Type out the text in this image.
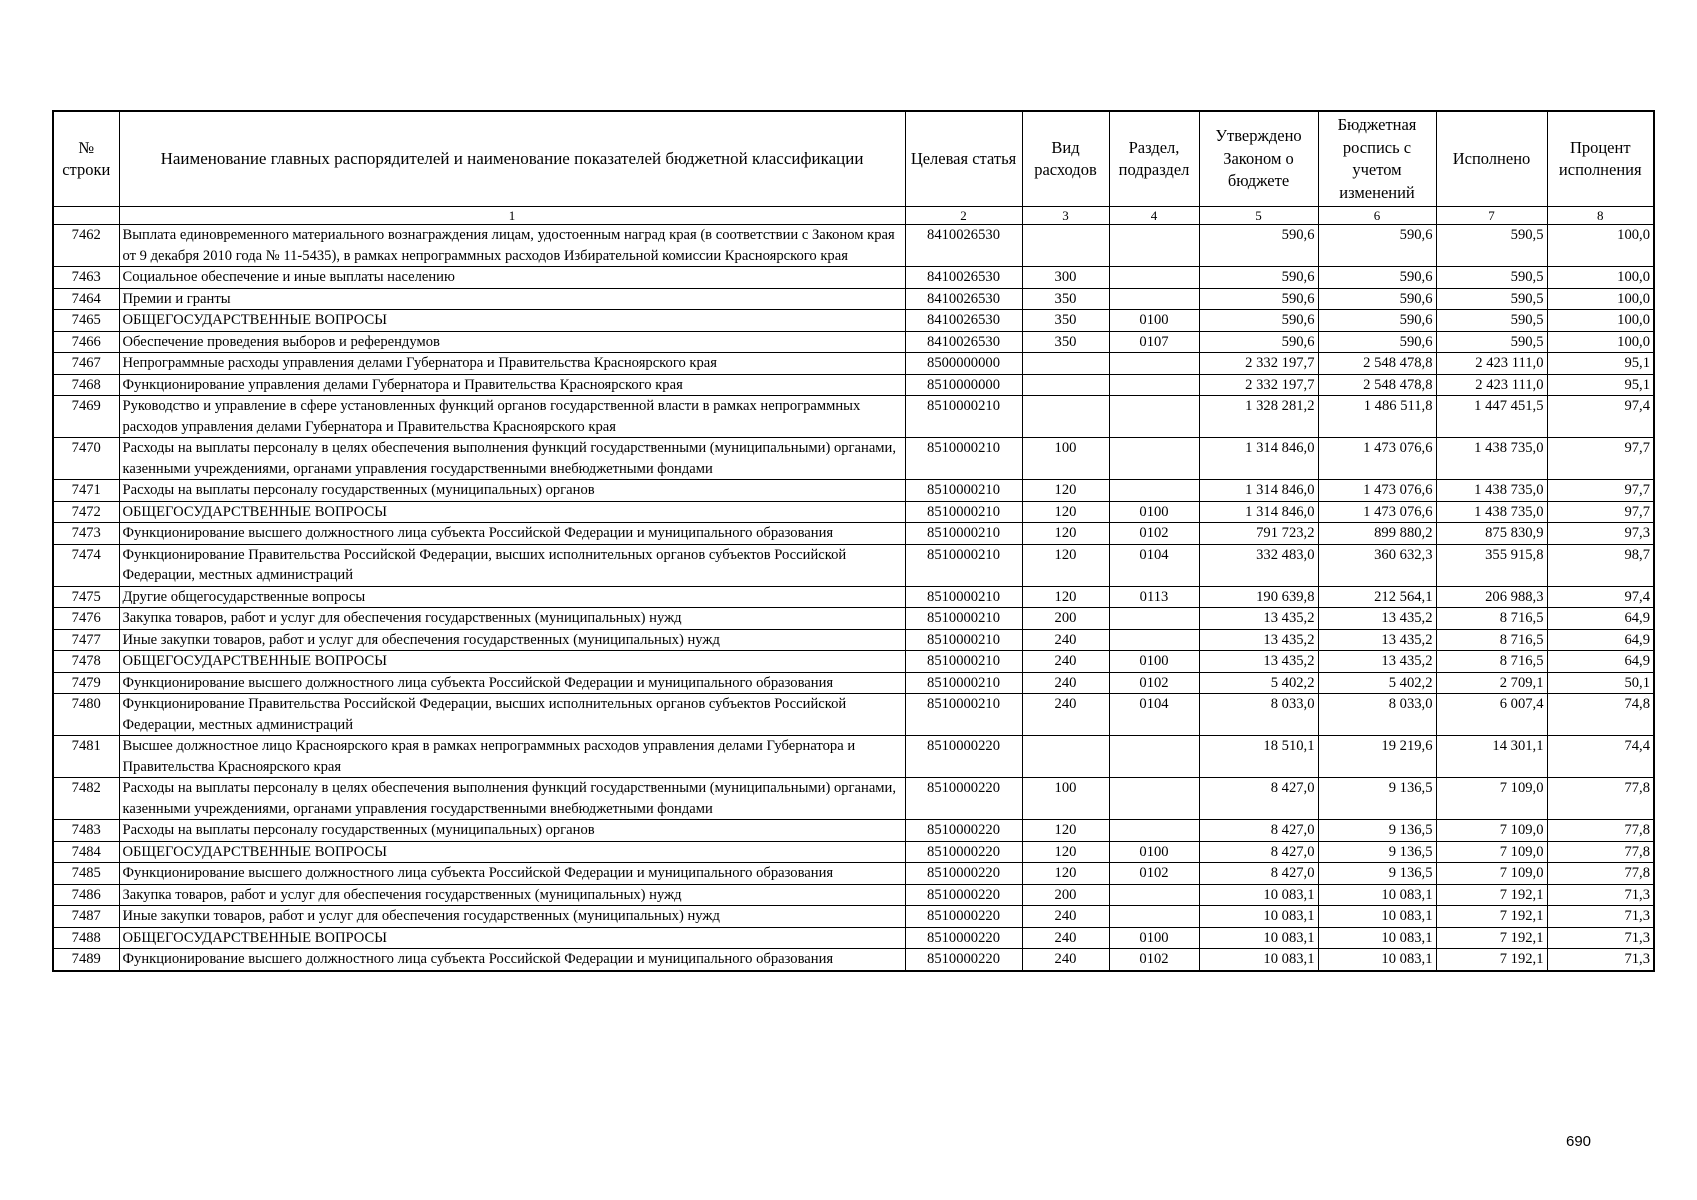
№ строки	Наименование главных распорядителей и наименование показателей бюджетной классификации	Целевая статья	Вид расходов	Раздел, подраздел	Утверждено Законом о бюджете	Бюджетная роспись с учетом изменений	Исполнено	Процент исполнения
	1	2	3	4	5	6	7	8
7462	Выплата единовременного материального вознаграждения лицам, удостоенным наград края (в соответствии с Законом края от 9 декабря 2010 года № 11-5435), в рамках непрограммных расходов Избирательной комиссии Красноярского края	8410026530			590,6	590,6	590,5	100,0
7463	Социальное обеспечение и иные выплаты населению	8410026530	300		590,6	590,6	590,5	100,0
7464	Премии и гранты	8410026530	350		590,6	590,6	590,5	100,0
7465	ОБЩЕГОСУДАРСТВЕННЫЕ ВОПРОСЫ	8410026530	350	0100	590,6	590,6	590,5	100,0
7466	Обеспечение проведения выборов и референдумов	8410026530	350	0107	590,6	590,6	590,5	100,0
7467	Непрограммные расходы управления делами Губернатора и Правительства Красноярского края	8500000000			2 332 197,7	2 548 478,8	2 423 111,0	95,1
7468	Функционирование управления делами Губернатора и Правительства Красноярского края	8510000000			2 332 197,7	2 548 478,8	2 423 111,0	95,1
7469	Руководство и управление в сфере установленных функций органов государственной власти в рамках непрограммных расходов управления делами Губернатора и Правительства Красноярского края	8510000210			1 328 281,2	1 486 511,8	1 447 451,5	97,4
7470	Расходы на выплаты персоналу в целях обеспечения выполнения функций государственными (муниципальными) органами, казенными учреждениями, органами управления государственными внебюджетными фондами	8510000210	100		1 314 846,0	1 473 076,6	1 438 735,0	97,7
7471	Расходы на выплаты персоналу государственных (муниципальных) органов	8510000210	120		1 314 846,0	1 473 076,6	1 438 735,0	97,7
7472	ОБЩЕГОСУДАРСТВЕННЫЕ ВОПРОСЫ	8510000210	120	0100	1 314 846,0	1 473 076,6	1 438 735,0	97,7
7473	Функционирование высшего должностного лица субъекта Российской Федерации и муниципального образования	8510000210	120	0102	791 723,2	899 880,2	875 830,9	97,3
7474	Функционирование Правительства Российской Федерации, высших исполнительных органов субъектов Российской Федерации, местных администраций	8510000210	120	0104	332 483,0	360 632,3	355 915,8	98,7
7475	Другие общегосударственные вопросы	8510000210	120	0113	190 639,8	212 564,1	206 988,3	97,4
7476	Закупка товаров, работ и услуг для обеспечения государственных (муниципальных) нужд	8510000210	200		13 435,2	13 435,2	8 716,5	64,9
7477	Иные закупки товаров, работ и услуг для обеспечения государственных (муниципальных) нужд	8510000210	240		13 435,2	13 435,2	8 716,5	64,9
7478	ОБЩЕГОСУДАРСТВЕННЫЕ ВОПРОСЫ	8510000210	240	0100	13 435,2	13 435,2	8 716,5	64,9
7479	Функционирование высшего должностного лица субъекта Российской Федерации и муниципального образования	8510000210	240	0102	5 402,2	5 402,2	2 709,1	50,1
7480	Функционирование Правительства Российской Федерации, высших исполнительных органов субъектов Российской Федерации, местных администраций	8510000210	240	0104	8 033,0	8 033,0	6 007,4	74,8
7481	Высшее должностное лицо Красноярского края в рамках непрограммных расходов управления делами Губернатора и Правительства Красноярского края	8510000220			18 510,1	19 219,6	14 301,1	74,4
7482	Расходы на выплаты персоналу в целях обеспечения выполнения функций государственными (муниципальными) органами, казенными учреждениями, органами управления государственными внебюджетными фондами	8510000220	100		8 427,0	9 136,5	7 109,0	77,8
7483	Расходы на выплаты персоналу государственных (муниципальных) органов	8510000220	120		8 427,0	9 136,5	7 109,0	77,8
7484	ОБЩЕГОСУДАРСТВЕННЫЕ ВОПРОСЫ	8510000220	120	0100	8 427,0	9 136,5	7 109,0	77,8
7485	Функционирование высшего должностного лица субъекта Российской Федерации и муниципального образования	8510000220	120	0102	8 427,0	9 136,5	7 109,0	77,8
7486	Закупка товаров, работ и услуг для обеспечения государственных (муниципальных) нужд	8510000220	200		10 083,1	10 083,1	7 192,1	71,3
7487	Иные закупки товаров, работ и услуг для обеспечения государственных (муниципальных) нужд	8510000220	240		10 083,1	10 083,1	7 192,1	71,3
7488	ОБЩЕГОСУДАРСТВЕННЫЕ ВОПРОСЫ	8510000220	240	0100	10 083,1	10 083,1	7 192,1	71,3
7489	Функционирование высшего должностного лица субъекта Российской Федерации и муниципального образования	8510000220	240	0102	10 083,1	10 083,1	7 192,1	71,3
690
